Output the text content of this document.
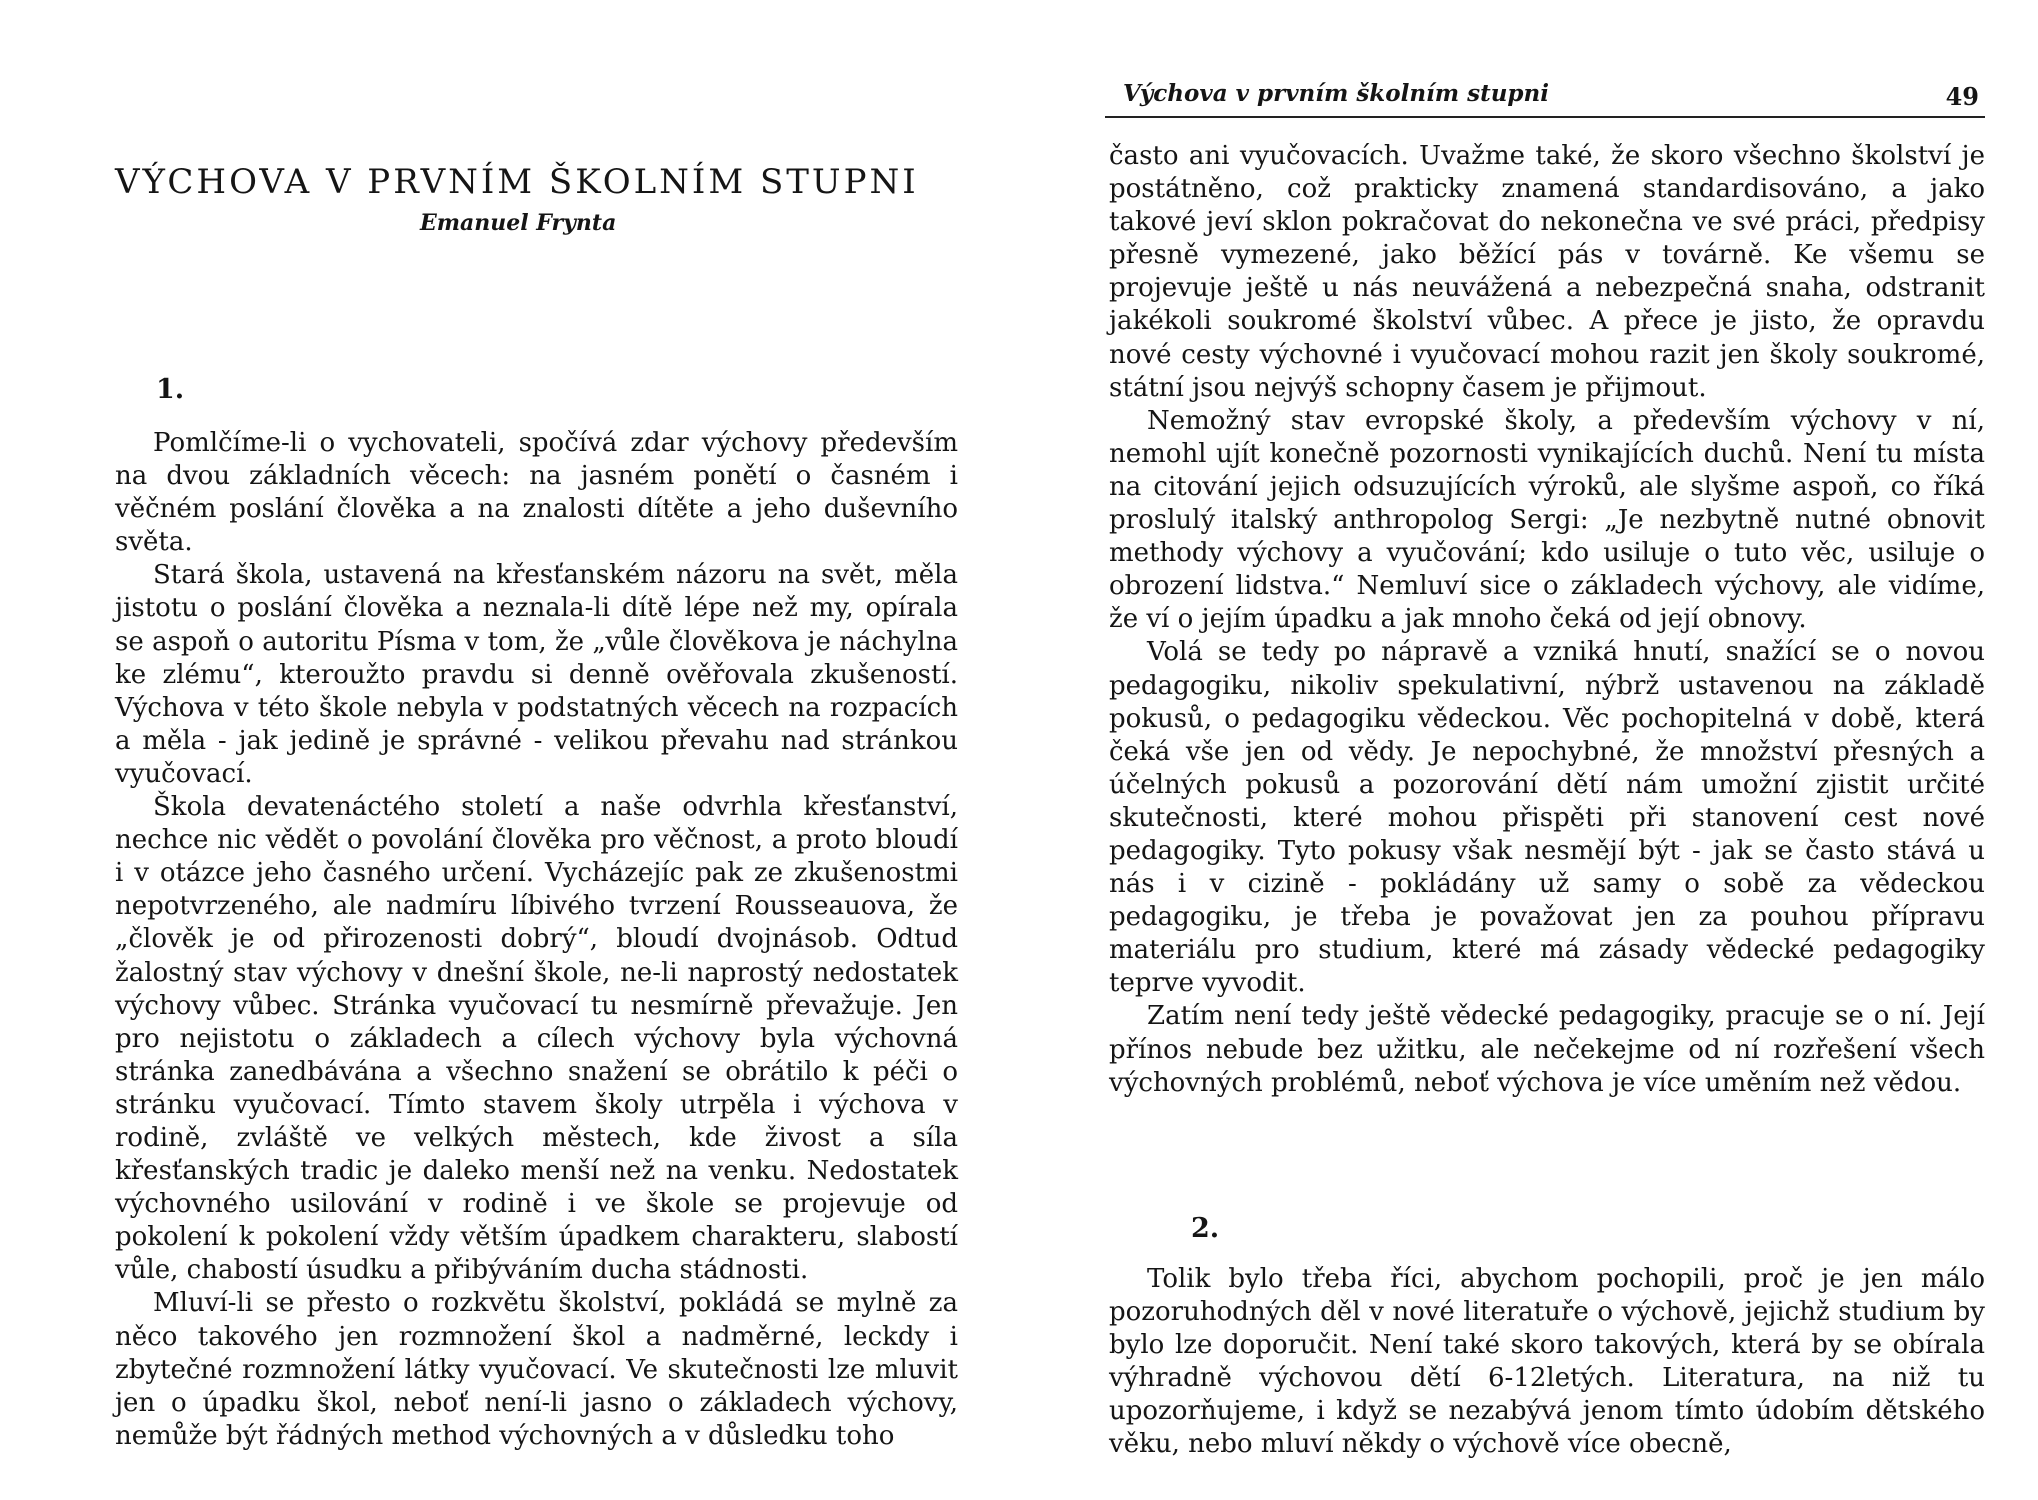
VÝCHOVA V PRVNÍM ŠKOLNÍM STUPNI
Emanuel Frynta
1.

Pomlčíme-li o vychovateli, spočívá zdar výchovy především na dvou základních věcech: na jasném ponětí o časném i věčném poslání člověka a na znalosti dítěte a jeho duševního světa.

Stará škola, ustavená na křesťanském názoru na svět, měla jistotu o poslání člověka a neznala-li dítě lépe než my, opírala se aspoň o autoritu Písma v tom, že „vůle člověkova je náchylna ke zlému“, kteroužto pravdu si denně ověřovala zkušeností. Výchova v této škole nebyla v podstatných věcech na rozpacích a měla - jak jedině je správné - velikou převahu nad stránkou vyučovací.

Škola devatenáctého století a naše odvrhla křesťanství, nechce nic vědět o povolání člověka pro věčnost, a proto bloudí i v otázce jeho časného určení. Vycházejíc pak ze zkušenostmi nepotvrzeného, ale nadmíru líbivého tvrzení Rousseauova, že „člověk je od přirozenosti dobrý“, bloudí dvojnásob. Odtud žalostný stav výchovy v dnešní škole, ne-li naprostý nedostatek výchovy vůbec. Stránka vyučovací tu nesmírně převažuje. Jen pro nejistotu o základech a cílech výchovy byla výchovná stránka zanedbávána a všechno snažení se obrátilo k péči o stránku vyučovací. Tímto stavem školy utrpěla i výchova v rodině, zvláště ve velkých městech, kde živost a síla křesťanských tradic je daleko menší než na venku. Nedostatek výchovného usilování v rodině i ve škole se projevuje od pokolení k pokolení vždy větším úpadkem charakteru, slabostí vůle, chabostí úsudku a přibýváním ducha stádnosti.

Mluví-li se přesto o rozkvětu školství, pokládá se mylně za něco takového jen rozmnožení škol a nadměrné, leckdy i zbytečné rozmnožení látky vyučovací. Ve skutečnosti lze mluvit jen o úpadku škol, neboť není-li jasno o základech výchovy, nemůže být řádných method výchovných a v důsledku toho

Výchova v prvním školním stupni	49

často ani vyučovacích. Uvažme také, že skoro všechno školství je postátněno, což prakticky znamená standardisováno, a jako takové jeví sklon pokračovat do nekonečna ve své práci, předpisy přesně vymezené, jako běžící pás v továrně. Ke všemu se projevuje ještě u nás neuvážená a nebezpečná snaha, odstranit jakékoli soukromé školství vůbec. A přece je jisto, že opravdu nové cesty výchovné i vyučovací mohou razit jen školy soukromé, státní jsou nejvýš schopny časem je přijmout.

Nemožný stav evropské školy, a především výchovy v ní, nemohl ujít konečně pozornosti vynikajících duchů. Není tu místa na citování jejich odsuzujících výroků, ale slyšme aspoň, co říká proslulý italský anthropolog Sergi: „Je nezbytně nutné obnovit methody výchovy a vyučování; kdo usiluje o tuto věc, usiluje o obrození lidstva.“ Nemluví sice o základech výchovy, ale vidíme, že ví o jejím úpadku a jak mnoho čeká od její obnovy.

Volá se tedy po nápravě a vzniká hnutí, snažící se o novou pedagogiku, nikoliv spekulativní, nýbrž ustavenou na základě pokusů, o pedagogiku vědeckou. Věc pochopitelná v době, která čeká vše jen od vědy. Je nepochybné, že množství přesných a účelných pokusů a pozorování dětí nám umožní zjistit určité skutečnosti, které mohou přispěti při stanovení cest nové pedagogiky. Tyto pokusy však nesmějí být - jak se často stává u nás i v cizině - pokládány už samy o sobě za vědeckou pedagogiku, je třeba je považovat jen za pouhou přípravu materiálu pro studium, které má zásady vědecké pedagogiky teprve vyvodit.

Zatím není tedy ještě vědecké pedagogiky, pracuje se o ní. Její přínos nebude bez užitku, ale nečekejme od ní rozřešení všech výchovných problémů, neboť výchova je více uměním než vědou.

2.

Tolik bylo třeba říci, abychom pochopili, proč je jen málo pozoruhodných děl v nové literatuře o výchově, jejichž studium by bylo lze doporučit. Není také skoro takových, která by se obírala výhradně výchovou dětí 6-12letých. Literatura, na niž tu upozorňujeme, i když se nezabývá jenom tímto údobím dětského věku, nebo mluví někdy o výchově více obecně,
